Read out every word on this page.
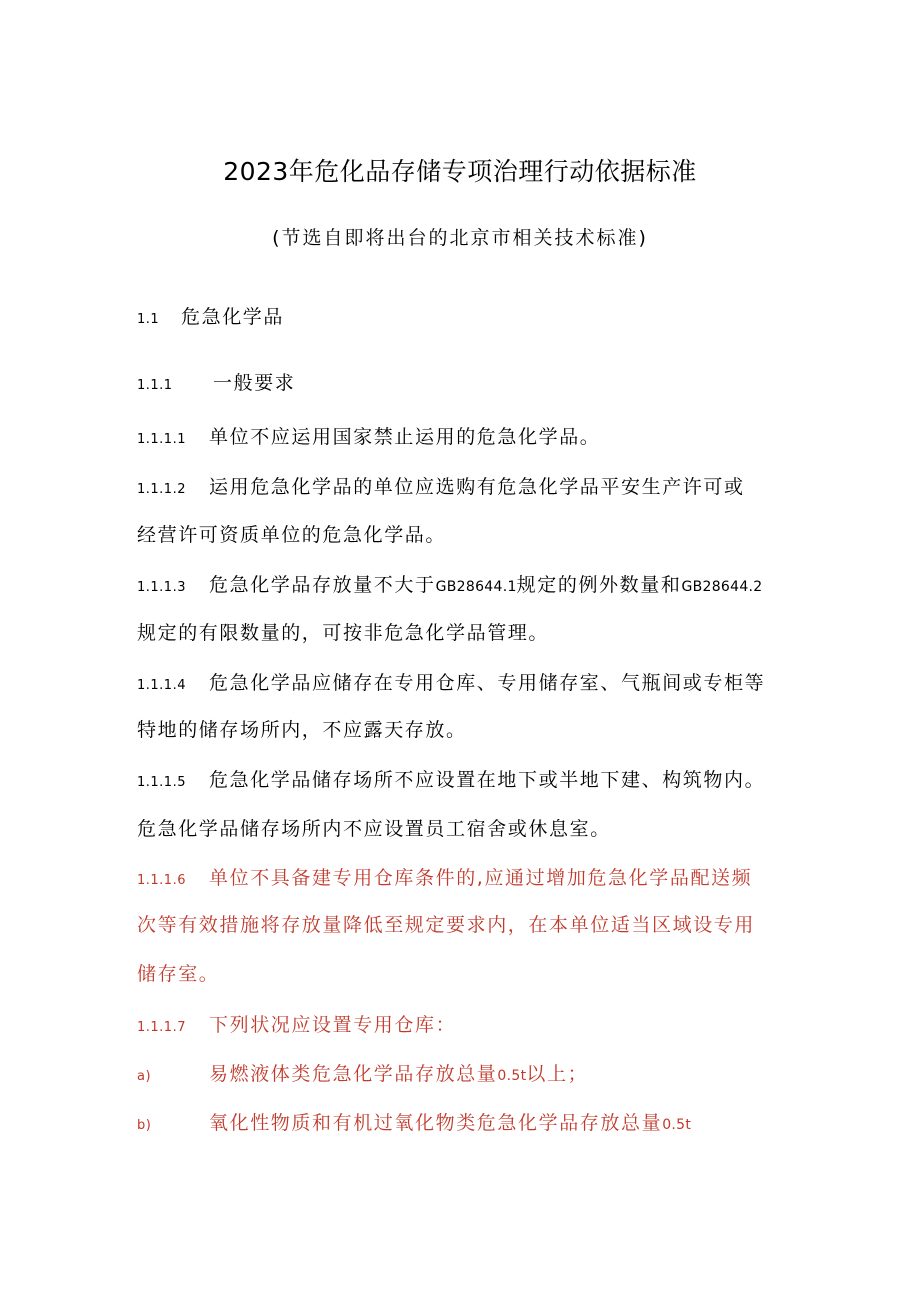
2023年危化品存储专项治理行动依据标准
(节选自即将出台的北京市相关技术标准)
1.1 危急化学品
1.1.1 一般要求
1.1.1.1 单位不应运用国家禁止运用的危急化学品。
1.1.1.2 运用危急化学品的单位应选购有危急化学品平安生产许可或
经营许可资质单位的危急化学品。
1.1.1.3 危急化学品存放量不大于GB28644.1规定的例外数量和GB28644.2
规定的有限数量的，可按非危急化学品管理。
1.1.1.4 危急化学品应储存在专用仓库、专用储存室、气瓶间或专柜等
特地的储存场所内，不应露天存放。
1.1.1.5 危急化学品储存场所不应设置在地下或半地下建、构筑物内。
危急化学品储存场所内不应设置员工宿舍或休息室。
1.1.1.6 单位不具备建专用仓库条件的,应通过增加危急化学品配送频
次等有效措施将存放量降低至规定要求内，在本单位适当区域设专用
储存室。
1.1.1.7 下列状况应设置专用仓库：
a)	易燃液体类危急化学品存放总量0.5t以上；
b)	氧化性物质和有机过氧化物类危急化学品存放总量0.5t
